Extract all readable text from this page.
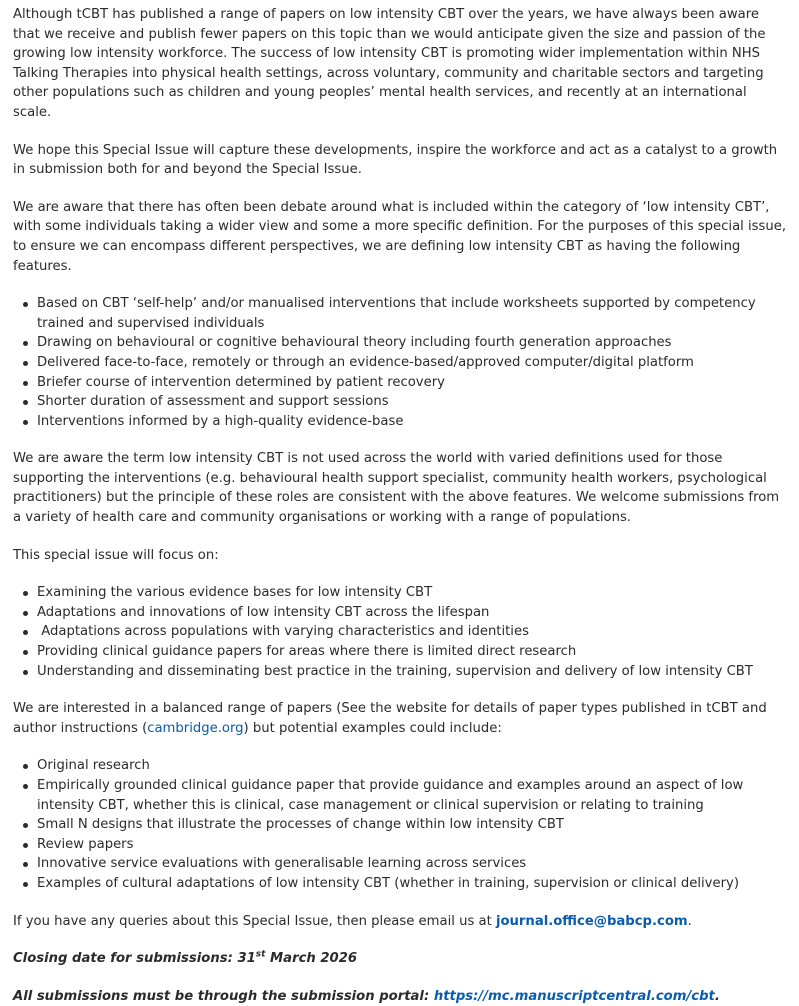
Although tCBT has published a range of papers on low intensity CBT over the years, we have always been aware that we receive and publish fewer papers on this topic than we would anticipate given the size and passion of the growing low intensity workforce. The success of low intensity CBT is promoting wider implementation within NHS Talking Therapies into physical health settings, across voluntary, community and charitable sectors and targeting other populations such as children and young peoples’ mental health services, and recently at an international scale.

We hope this Special Issue will capture these developments, inspire the workforce and act as a catalyst to a growth in submission both for and beyond the Special Issue.

We are aware that there has often been debate around what is included within the category of ‘low intensity CBT’, with some individuals taking a wider view and some a more specific definition. For the purposes of this special issue, to ensure we can encompass different perspectives, we are defining low intensity CBT as having the following features.

Based on CBT ‘self-help’ and/or manualised interventions that include worksheets supported by competency trained and supervised individuals
Drawing on behavioural or cognitive behavioural theory including fourth generation approaches
Delivered face-to-face, remotely or through an evidence-based/approved computer/digital platform
Briefer course of intervention determined by patient recovery
Shorter duration of assessment and support sessions
Interventions informed by a high-quality evidence-base

We are aware the term low intensity CBT is not used across the world with varied definitions used for those supporting the interventions (e.g. behavioural health support specialist, community health workers, psychological practitioners) but the principle of these roles are consistent with the above features. We welcome submissions from a variety of health care and community organisations or working with a range of populations.

This special issue will focus on:

Examining the various evidence bases for low intensity CBT
Adaptations and innovations of low intensity CBT across the lifespan
Adaptations across populations with varying characteristics and identities
Providing clinical guidance papers for areas where there is limited direct research
Understanding and disseminating best practice in the training, supervision and delivery of low intensity CBT

We are interested in a balanced range of papers (See the website for details of paper types published in tCBT and author instructions (cambridge.org) but potential examples could include:

Original research
Empirically grounded clinical guidance paper that provide guidance and examples around an aspect of low intensity CBT, whether this is clinical, case management or clinical supervision or relating to training
Small N designs that illustrate the processes of change within low intensity CBT
Review papers
Innovative service evaluations with generalisable learning across services
Examples of cultural adaptations of low intensity CBT (whether in training, supervision or clinical delivery)

If you have any queries about this Special Issue, then please email us at journal.office@babcp.com.

Closing date for submissions: 31st March 2026

All submissions must be through the submission portal: https://mc.manuscriptcentral.com/cbt.
